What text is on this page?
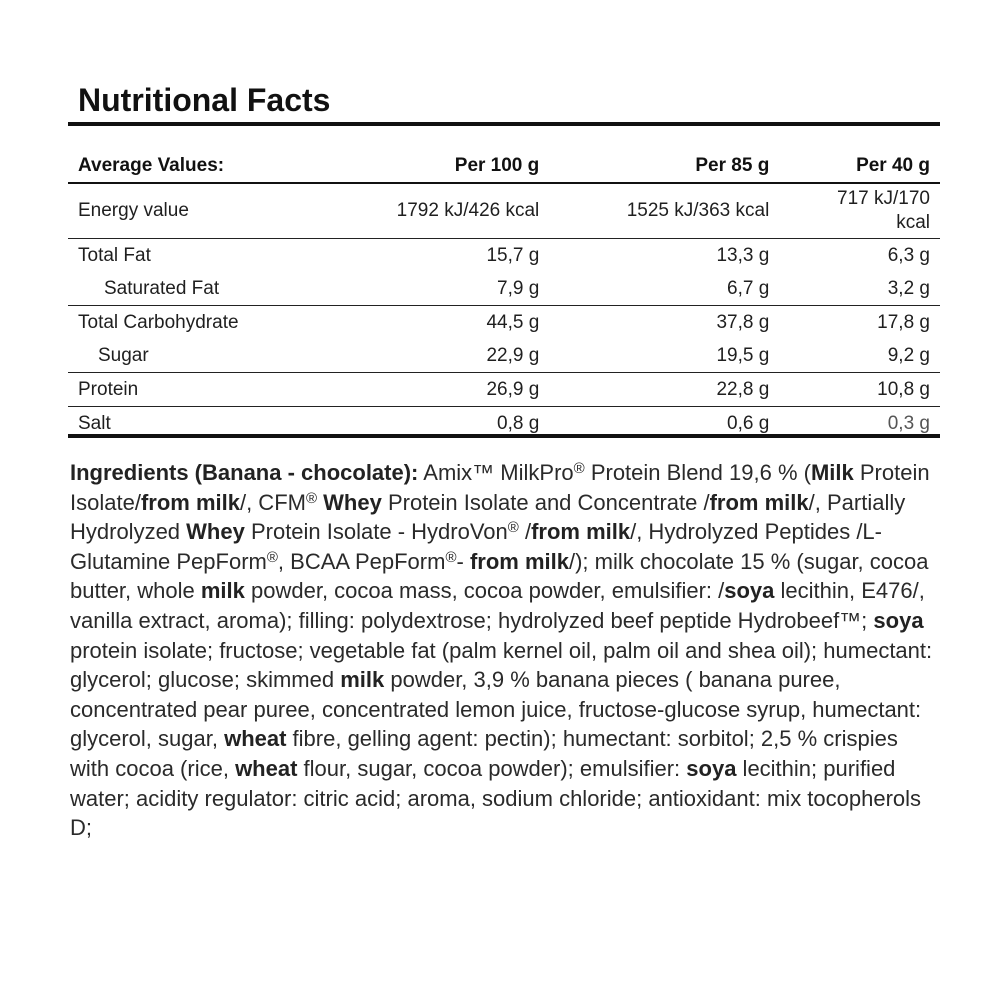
Nutritional Facts
Average Values:	Per 100 g	Per 85 g	Per 40 g
Energy value	1792 kJ/426 kcal	1525 kJ/363 kcal	717 kJ/170
kcal
Total Fat	15,7 g	13,3 g	6,3 g
Saturated Fat	7,9 g	6,7 g	3,2 g
Total Carbohydrate	44,5 g	37,8 g	17,8 g
Sugar	22,9 g	19,5 g	9,2 g
Protein	26,9 g	22,8 g	10,8 g
Salt	0,8 g	0,6 g	0,3 g

Ingredients (Banana - chocolate): Amix™ MilkPro® Protein Blend 19,6 % (Milk Protein Isolate/from milk/, CFM® Whey Protein Isolate and Concentrate /from milk/, Partially Hydrolyzed Whey Protein Isolate - HydroVon® /from milk/, Hydrolyzed Peptides /L-Glutamine PepForm®, BCAA PepForm®- from milk/); milk chocolate 15 % (sugar, cocoa butter, whole milk powder, cocoa mass, cocoa powder, emulsifier: /soya lecithin, E476/, vanilla extract, aroma); filling: polydextrose; hydrolyzed beef peptide Hydrobeef™; soya protein isolate; fructose; vegetable fat (palm kernel oil, palm oil and shea oil); humectant: glycerol; glucose; skimmed milk powder, 3,9 % banana pieces ( banana puree, concentrated pear puree, concentrated lemon juice, fructose-glucose syrup, humectant: glycerol, sugar, wheat fibre, gelling agent: pectin); humectant: sorbitol; 2,5 % crispies with cocoa (rice, wheat flour, sugar, cocoa powder); emulsifier: soya lecithin; purified water; acidity regulator: citric acid; aroma, sodium chloride; antioxidant: mix tocopherols D;
